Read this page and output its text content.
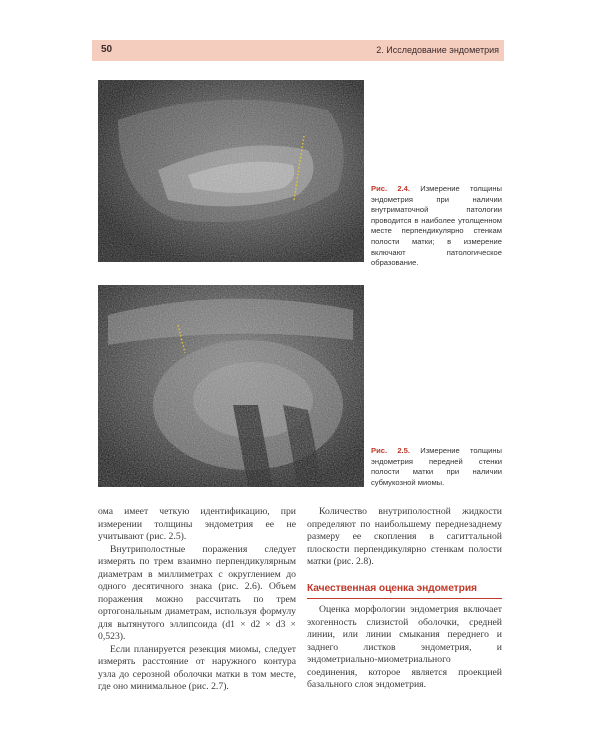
50	2. Исследование эндометрия
Рис. 2.4. Измерение толщины эндометрия при наличии внутриматочной патологии проводится в наиболее утолщенном месте перпендикулярно стенкам полости матки; в измерение включают патологическое образование.
Рис. 2.5. Измерение толщины эндометрия передней стенки полости матки при наличии субмукозной миомы.

ома имеет четкую идентификацию, при измерении толщины эндометрия ее не учитывают (рис. 2.5).

Внутриполостные поражения следует измерять по трем взаимно перпендикулярным диаметрам в миллиметрах с округлением до одного десятичного знака (рис. 2.6). Объем поражения можно рассчитать по трем ортогональным диаметрам, используя формулу для вытянутого эллипсоида (d1 × d2 × d3 × 0,523).

Если планируется резекция миомы, следует измерять расстояние от наружного контура узла до серозной оболочки матки в том месте, где оно минимальное (рис. 2.7).

Количество внутриполостной жидкости определяют по наибольшему переднезаднему размеру ее скопления в сагиттальной плоскости перпендикулярно стенкам полости матки (рис. 2.8).

Качественная оценка эндометрия

Оценка морфологии эндометрия включает эхогенность слизистой оболочки, средней линии, или линии смыкания переднего и заднего листков эндометрия, и эндометриально-миометриального соединения, которое является проекцией базального слоя эндометрия.
